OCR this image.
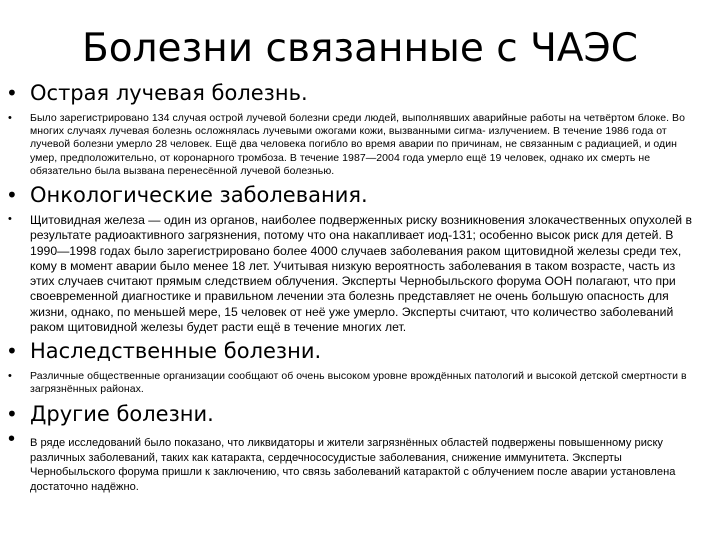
Болезни связанные с ЧАЭС
• Острая лучевая болезнь.
•	Было зарегистрировано 134 случая острой лучевой болезни среди людей, выполнявших аварийные работы на четвёртом блоке. Во многих случаях лучевая болезнь осложнялась лучевыми ожогами кожи, вызванными сигма- излучением. В течение 1986 года от лучевой болезни умерло 28 человек. Ещё два человека погибло во время аварии по причинам, не связанным с радиацией, и один умер, предположительно, от коронарного тромбоза. В течение 1987—2004 года умерло ещё 19 человек, однако их смерть не обязательно была вызвана перенесённой лучевой болезнью.
• Онкологические заболевания.
•	Щитовидная железа — один из органов, наиболее подверженных риску возникновения злокачественных опухолей в результате радиоактивного загрязнения, потому что она накапливает иод-131; особенно высок риск для детей. В 1990—1998 годах было зарегистрировано более 4000 случаев заболевания раком щитовидной железы среди тех, кому в момент аварии было менее 18 лет. Учитывая низкую вероятность заболевания в таком возрасте, часть из этих случаев считают прямым следствием облучения. Эксперты Чернобыльского форума ООН полагают, что при своевременной диагностике и правильном лечении эта болезнь представляет не очень большую опасность для жизни, однако, по меньшей мере, 15 человек от неё уже умерло. Эксперты считают, что количество заболеваний раком щитовидной железы будет расти ещё в течение многих лет.
• Наследственные болезни.
•	Различные общественные организации сообщают об очень высоком уровне врождённых патологий и высокой детской смертности в загрязнённых районах.
• Другие болезни.
•	В ряде исследований было показано, что ликвидаторы и жители загрязнённых областей подвержены повышенному риску различных заболеваний, таких как катаракта, сердечнососудистые заболевания, снижение иммунитета. Эксперты Чернобыльского форума пришли к заключению, что связь заболеваний катарактой с облучением после аварии установлена достаточно надёжно.
